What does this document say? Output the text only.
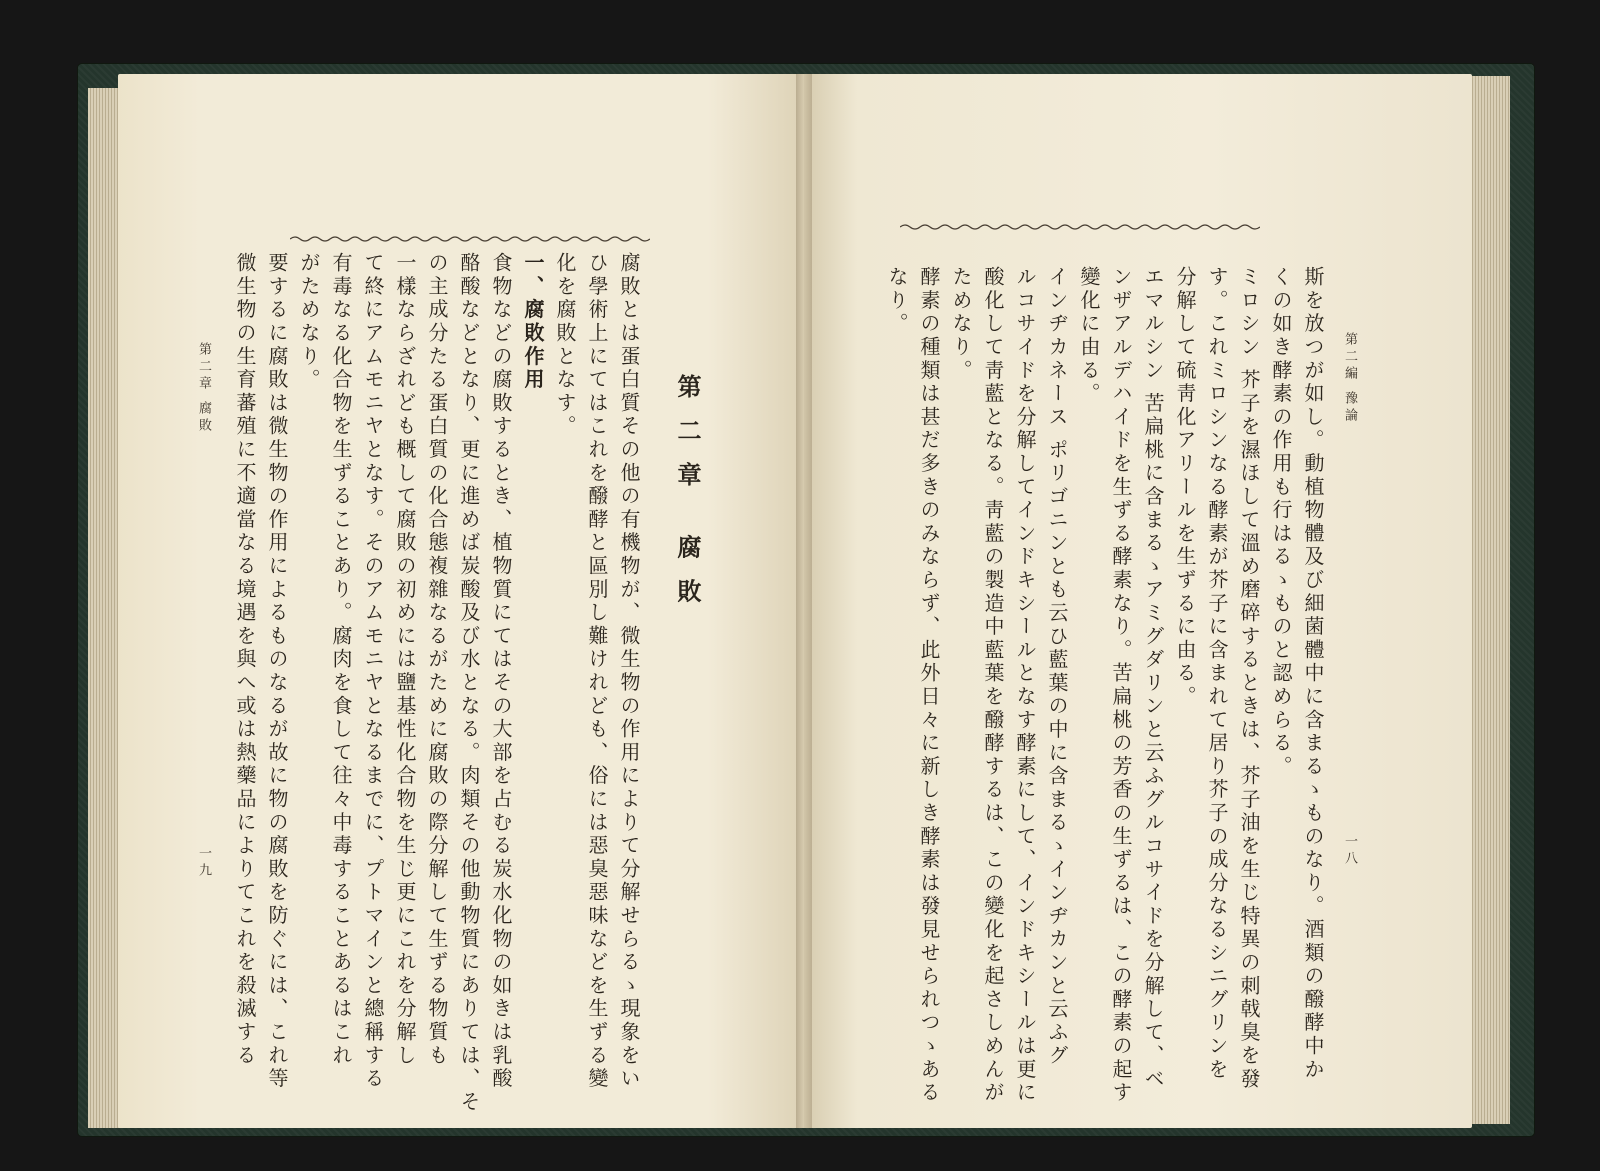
第二章 腐敗
腐敗とは蛋白質その他の有機物が、微生物の作用によりて分解せらるゝ現象をい
ひ學術上にてはこれを醱酵と區別し難けれども、俗には惡臭惡味などを生ずる變
化を腐敗となす。
一、腐敗作用
食物などの腐敗するとき、植物質にてはその大部を占むる炭水化物の如きは乳酸
酪酸などとなり、更に進めば炭酸及び水となる。肉類その他動物質にありては、そ
の主成分たる蛋白質の化合態複雜なるがために腐敗の際分解して生ずる物質も
一樣ならざれども概して腐敗の初めには鹽基性化合物を生じ更にこれを分解し
て終にアムモニヤとなす。そのアムモニヤとなるまでに、プトマインと總稱する
有毒なる化合物を生ずることあり。腐肉を食して往々中毒することあるはこれ
がためなり。
要するに腐敗は微生物の作用によるものなるが故に物の腐敗を防ぐには、これ等
微生物の生育蕃殖に不適當なる境遇を與へ或は熱藥品によりてこれを殺滅する
第二章 腐敗
一九
第二編 豫論
一八
斯を放つが如し。動植物體及び細菌體中に含まるゝものなり。酒類の醱酵中か
くの如き酵素の作用も行はるゝものと認めらる。
ミロシン 芥子を濕ほして溫め磨碎するときは、芥子油を生じ特異の刺戟臭を發
す。これミロシンなる酵素が芥子に含まれて居り芥子の成分なるシニグリンを
分解して硫靑化アリールを生ずるに由る。
エマルシン 苦扁桃に含まるゝアミグダリンと云ふグルコサイドを分解して、ベ
ンザアルデハイドを生ずる酵素なり。苦扁桃の芳香の生ずるは、この酵素の起す
變化に由る。
インヂカネース ポリゴニンとも云ひ藍葉の中に含まるゝインヂカンと云ふグ
ルコサイドを分解してインドキシールとなす酵素にして、インドキシールは更に
酸化して靑藍となる。靑藍の製造中藍葉を醱酵するは、この變化を起さしめんが
ためなり。
酵素の種類は甚だ多きのみならず、此外日々に新しき酵素は發見せられつゝある
なり。
